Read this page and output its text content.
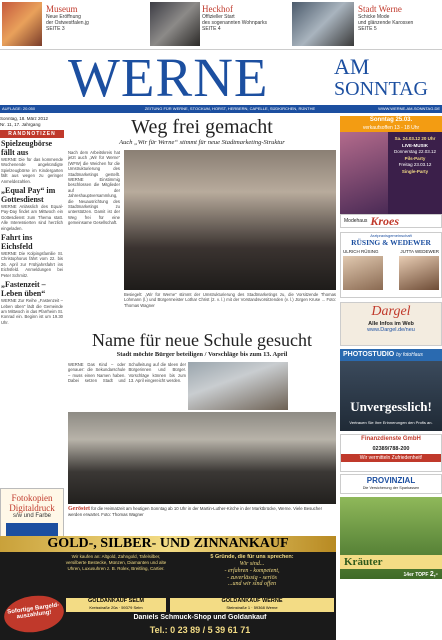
Museum
Neue Eröffnung
der Ostwestfalen.jg
SEITE 3
Heckhof
Offizieller Start
des sogenannten Wohnparks
SEITE 4
Stadt Werne
Schicke Mode
und glänzende Karossen
SEITE 5
WERNE	AM
SONNTAG
AUFLAGE: 20.050	ZEITUNG FÜR WERNE, STOCKUM, HORST, HERBERN, CAPELLE, SÜDKIRCHEN, RÜNTHE	WWW.WERNE-AM-SONNTAG.DE
Sonntag, 18. März 2012
Nr. 11, 17. Jahrgang
RANDNOTIZEN
Spielzeugbörse fällt aus
WERNE Die für das kommende Wochenende angekündigte Spielzeugbörse im Kindergarten fällt aus wegen zu geringer Anmeldezahlen.
„Equal Pay“ im Gottesdienst
WERNE Anlässlich des Equal-Pay-Day findet am Mittwoch ein Gottesdienst zum Thema statt. Alle Interessierten sind herzlich eingeladen.
Fahrt ins Eichsfeld
WERNE Die Kolpingsfamilie St. Christophorus fährt vom 22. bis 26. April zur Frühjahrsfahrt ins Eichsfeld. Anmeldungen bei Peter Schmitz.
„Fastenzeit – Leben üben“
WERNE Zur Reihe „Fastenzeit – Leben üben“ lädt die Gemeinde am Mittwoch in das Pfarrheim St. Konrad ein. Beginn ist um 19.30 Uhr.
Fotokopien
Digitaldruck
s/w und Farbe
Weg frei gemacht
Auch „Wir für Werne“ stimmt für neue Stadtmarketing-Struktur
Nach dem Arbeitskreis hat jetzt auch „Wir für Werne“ (WFW) die Weichen für die Umstrukturierung des Stadtmarketings gestellt. WERNE Einstimmig beschlossen die Mitglieder auf der Jahreshauptversammlung, die Neuausrichtung des Stadtmarketings zu unterstützen. Damit ist der Weg frei für eine gemeinsame Gesellschaft.
Besiegelt: „Wir für Werne“ stimmt der Umstrukturierung des Stadtmarketings zu, die Vorsitzende Thomas Lohmann (l.) und Bürgermeister Lothar Christ (2. v. l.) mit der Vorstandsvorsitzenden (v. l.) Jürgen Kruse ... Foto: Thomas Wagner
Name für neue Schule gesucht
Stadt möchte Bürger beteiligen / Vorschläge bis zum 13. April
WERNE Das Kind – oder genauer: die Sekundarschule – muss einen Namen haben. Dabei setzen Stadt und Schulleitung auf die Ideen der Bürgerinnen und Bürger. Vorschläge können bis zum 13. April eingereicht werden.
Geröstet für die Heimatzeit am heutigen Sonntag ab 10 Uhr in der Martin-Luther-Kirche in der Marktbrücke, Werne. Viele Besucher werden erwartet. Foto: Thomas Wagner
GOLD-, SILBER- UND ZINNANKAUF
Wir kaufen an: Altgold, Zahngold, Tafelsilber, versilberte Bestecke, Münzen, Diamanten und alte Uhren, Luxusuhren z. B. Rolex, Breitling, Cartier.
Sofortige Bargeld-auszahlung!
5 Gründe, die für uns sprechen:
Wir sind...
- erfahren - kompetent,
- zuverlässig - seriös
...und wir sind offen
GOLDANKAUF SELM
Kreisstraße 20a · 59379 Selm
GOLDANKAUF WERNE
Steinstraße 1 · 59368 Werne
Daniels Schmuck-Shop und Goldankauf
Tel.: 0 23 89 / 5 39 61 71
Sonntag 25.03.
verkaufsoffen 13 - 18 Uhr
Sa. 24.03.12 20 Uhr
LIVE-MUSIK
Donnerstag 22.03.12
Pils-Party
Freitag 23.03.12
Single-Party
Modehaus Kroes
Arztpraxisgemeinschaft
RÜSING & WEDEWER
ULRICH RÜSING	JUTTA WEDEWER
Dargel
Alle Infos im Web
www.Dargel.de/neu
PHOTOSTUDIO by fotoHaus
Unvergesslich!
Vertrauen Sie Ihre Erinnerungen den Profis an.
Finanzdienste GmbH
02389/788-200
Wir vermitteln Zufriedenheit!
PROVINZIAL
Die Versicherung der Sparkassen
Kräuter
14er TOPF 2,-
